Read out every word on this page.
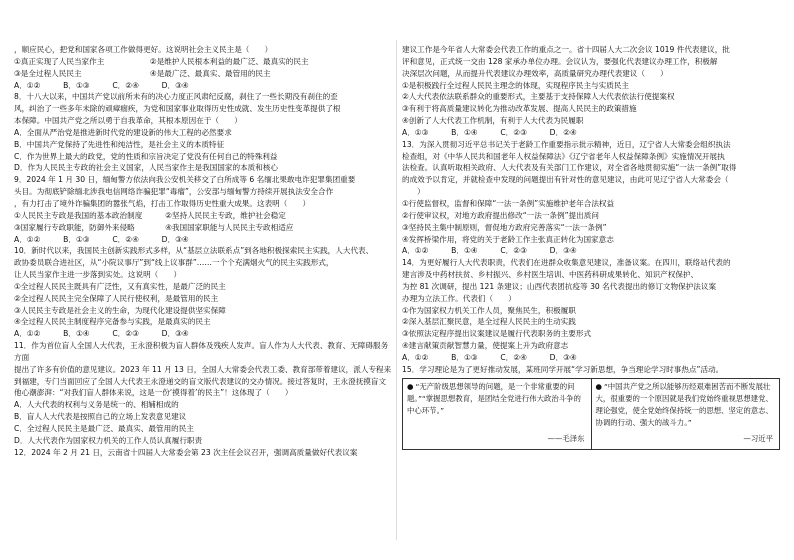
，顺应民心，把党和国家各项工作做得更好。这说明社会主义民主是（　　）

①真正实现了人民当家作主　　　　　　②是维护人民根本利益的最广泛、最真实的民主

③是全过程人民民主　　　　　　　　　④是最广泛、最真实、最管用的民主

A．①②　　　B．①③　　　C．②④　　　D．③④

8．十八大以来，中国共产党以前所未有的决心力度正风肃纪反腐，刹住了一些长期没有刹住的歪

风，纠治了一些多年未除的顽瘴痼疾，为党和国家事业取得历史性成就、发生历史性变革提供了根

本保障。中国共产党之所以勇于自我革命，其根本原因在于（　　）

A．全面从严治党是推进新时代党的建设新的伟大工程的必然要求

B．中国共产党保持了先进性和纯洁性，是社会主义的本质特征

C．作为世界上最大的政党，党的性质和宗旨决定了党没有任何自己的特殊利益

D．作为人民民主专政的社会主义国家，人民当家作主是我国国家的本质和核心

9．2024 年 1 月 30 日，缅甸警方依法向我公安机关移交了白所成等 6 名缅北果敢电诈犯罪集团重要

头目。为彻底铲除缅北涉我电信网络诈骗犯罪“毒瘤”，公安部与缅甸警方持续开展执法安全合作

，有力打击了境外诈骗集团的嚣张气焰，打击工作取得历史性重大成果。这表明（　　）

①人民民主专政是我国的基本政治制度　　　②坚持人民民主专政，维护社会稳定

③国家履行专政职能，防御外来侵略　　　　④我国国家职能与人民民主专政相适应

A．①②　　　B．①③　　　C．②④　　　D．③④

10．新时代以来，我国民主创新实践形式多样，从“基层立法联系点”到各地积极探索民主实践，人大代表、

政协委员联合进社区，从“小院议事厅”到“线上议事群”……一个个充满烟火气的民主实践形式，

让人民当家作主进一步落到实处。这说明（　　）

①全过程人民民主既具有广泛性，又有真实性，是最广泛的民主

②全过程人民民主完全保障了人民行使权利，是最管用的民主

③人民民主专政是社会主义的生命，为现代化建设提供坚实保障

④全过程人民民主制度程序完备参与实践，是最真实的民主

A．①②　　　B．①④　　　C．②③　　　D．③④

11．作为首位盲人全国人大代表，王永澄积极为盲人群体及残疾人发声。盲人作为人大代表、教育、无障碍服务方面

提出了许多有价值的意见建议。2023 年 11 月 13 日，全国人大常委会代表工委、教育部带着建议，派人专程来

到福建，专门当面回应了全国人大代表王永澄递交的盲文版代表建议的交办情况。接过答复时，王永澄抚摸盲文

他心潮澎湃：“对我们盲人群体来说，这是一份‘摸得着’的民主”！这体现了（　　）

A．人大代表的权利与义务是统一的、相辅相成的

B．盲人人大代表是按照自己的立场上发表意见建议

C．全过程人民民主是最广泛、最真实、最管用的民主

D．人大代表作为国家权力机关的工作人员认真履行职责

12．2024 年 2 月 21 日，云南省十四届人大常委会第 23 次主任会议召开，强调高质量做好代表议案

建议工作是今年省人大常委会代表工作的重点之一。省十四届人大二次会议 1019 件代表建议，批

评和意见，正式统一交由 128 家承办单位办理。会议认为，要强化代表建议办理工作，积极解

决深层次问题，从而提升代表建议办理效率，高质量研究办理代表建议（　　）

①是积极践行全过程人民民主理念的体现，实现程序民主与实质民主

②人大代表依法联系群众的重要形式，主要基于支持保障人大代表依法行使提案权

③有利于将高质量建议转化为推动改革发展、提高人民民主的政策措施

④创新了人大代表工作机制，有利于人大代表为民履职

A．①③　　　B．①④　　　C．②③　　　D．②④

13．为深入贯彻习近平总书记关于老龄工作重要指示批示精神，近日，辽宁省人大常委会组织执法

检查组，对《中华人民共和国老年人权益保障法》《辽宁省老年人权益保障条例》实施情况开展执

法检查。认真听取相关政府、人大代表及有关部门工作建议，对全省各地贯彻实施“一法一条例”取得

的成效予以肯定，并就检查中发现的问题提出有针对性的意见建议，由此可见辽宁省人大常委会（

　　）

①行使监督权，监督和保障“一法一条例”实施维护老年合法权益

②行使审议权，对地方政府提出修改“一法一条例”提出质问

③坚持民主集中制原则，督促地方政府完善落实“一法一条例”

④发挥桥梁作用，将党的关于老龄工作主张真正转化为国家意志

A．①②　　　B．①④　　　C．②③　　　D．③④

14．为更好履行人大代表职责，代表们在进群众收集意见建议，准备议案。在四川，联络站代表的

建言涉及中药材扶贫、乡村振兴、乡村医生培训、中医药科研成果转化、知识产权保护、

为控 81 次调研，提出 121 条建议；山西代表团抗疫等 30 名代表提出的修订文物保护法议案

办理为立法工作。代表们（　　）

①作为国家权力机关工作人员，聚焦民生，积极履职

②深入基层汇聚民意，是全过程人民民主的生动实践

③依照法定程序提出议案建议是履行代表职务的主要形式

④建言献策贡献智慧力量，使提案上升为政府意志

A．①②　　　B．①③　　　C．②④　　　D．③④

15．学习理论是为了更好推动发展，某班同学开展“学习新思想，争当理论学习时事热点”活动。

● “无产阶级思想领导的问题，是一个非常重要的问题。”“掌握思想教育，是团结全党进行伟大政治斗争的中心环节。”
——毛泽东
● “中国共产党之所以能够历经艰难困苦而不断发展壮大，很重要的一个原因就是我们党始终重视思想建党、理论强党，使全党始终保持统一的思想、坚定的意志、协调的行动、强大的战斗力。”
—习近平
